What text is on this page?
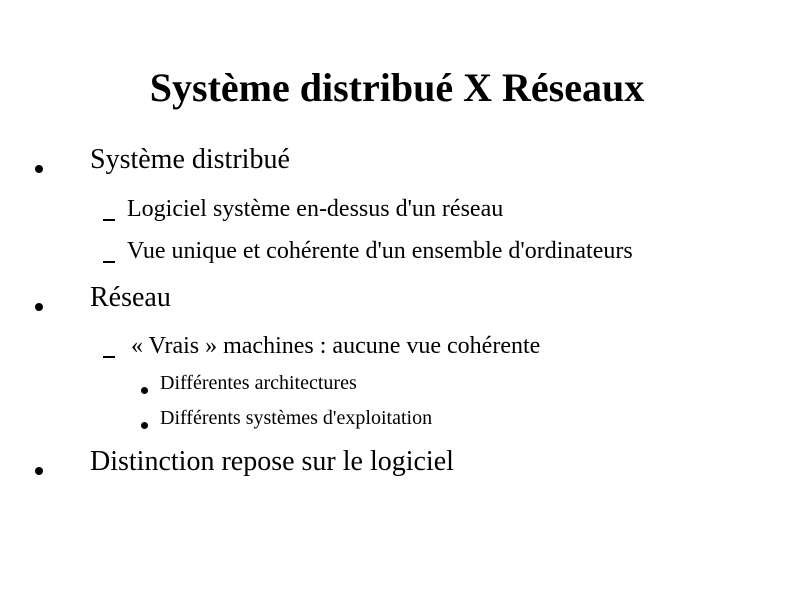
Système distribué X Réseaux
Système distribué
Logiciel système en-dessus d'un réseau
Vue unique et cohérente d'un ensemble d'ordinateurs
Réseau
« Vrais » machines : aucune vue cohérente
Différentes architectures
Différents systèmes d'exploitation
Distinction repose sur le logiciel
